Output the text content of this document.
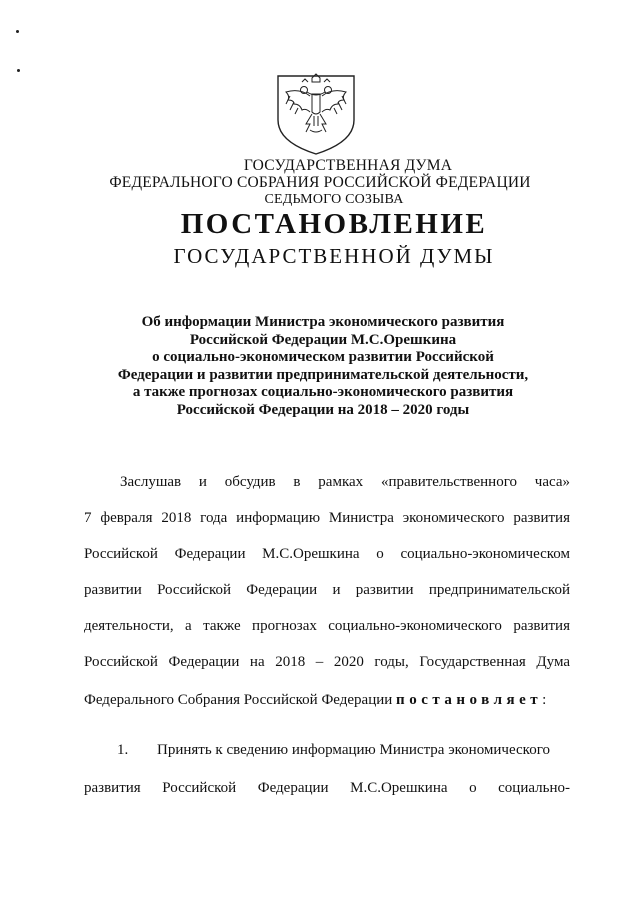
ГОСУДАРСТВЕННАЯ ДУМА
ФЕДЕРАЛЬНОГО СОБРАНИЯ РОССИЙСКОЙ ФЕДЕРАЦИИ
СЕДЬМОГО СОЗЫВА
ПОСТАНОВЛЕНИЕ
ГОСУДАРСТВЕННОЙ ДУМЫ
Об информации Министра экономического развития
Российской Федерации М.С.Орешкина
о социально-экономическом развитии Российской
Федерации и развитии предпринимательской деятельности,
а также прогнозах социально-экономического развития
Российской Федерации на 2018 – 2020 годы
Заслушав и обсудив в рамках «правительственного часа»
7 февраля 2018 года информацию Министра экономического развития
Российской Федерации М.С.Орешкина о социально-экономическом
развитии Российской Федерации и развитии предпринимательской
деятельности, а также прогнозах социально-экономического развития
Российской Федерации на 2018 – 2020 годы, Государственная Дума
Федерального Собрания Российской Федерации постановляет:
1. Принять к сведению информацию Министра экономического
развития Российской Федерации М.С.Орешкина о социально-
